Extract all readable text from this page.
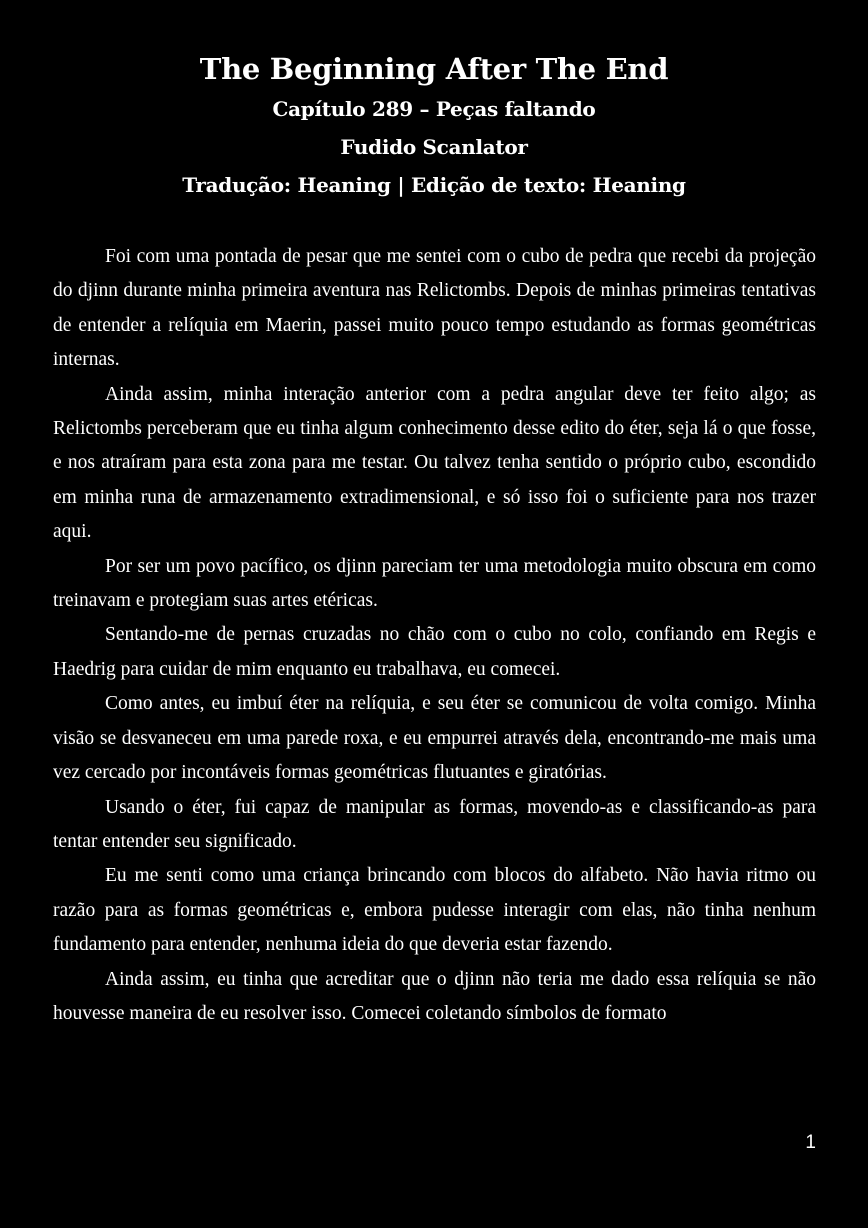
The Beginning After The End
Capítulo 289 – Peças faltando
Fudido Scanlator
Tradução: Heaning | Edição de texto: Heaning

Foi com uma pontada de pesar que me sentei com o cubo de pedra que recebi da projeção do djinn durante minha primeira aventura nas Relictombs. Depois de minhas primeiras tentativas de entender a relíquia em Maerin, passei muito pouco tempo estudando as formas geométricas internas.

Ainda assim, minha interação anterior com a pedra angular deve ter feito algo; as Relictombs perceberam que eu tinha algum conhecimento desse edito do éter, seja lá o que fosse, e nos atraíram para esta zona para me testar. Ou talvez tenha sentido o próprio cubo, escondido em minha runa de armazenamento extradimensional, e só isso foi o suficiente para nos trazer aqui.

Por ser um povo pacífico, os djinn pareciam ter uma metodologia muito obscura em como treinavam e protegiam suas artes etéricas.

Sentando-me de pernas cruzadas no chão com o cubo no colo, confiando em Regis e Haedrig para cuidar de mim enquanto eu trabalhava, eu comecei.

Como antes, eu imbuí éter na relíquia, e seu éter se comunicou de volta comigo. Minha visão se desvaneceu em uma parede roxa, e eu empurrei através dela, encontrando-me mais uma vez cercado por incontáveis formas geométricas flutuantes e giratórias.

Usando o éter, fui capaz de manipular as formas, movendo-as e classificando-as para tentar entender seu significado.

Eu me senti como uma criança brincando com blocos do alfabeto. Não havia ritmo ou razão para as formas geométricas e, embora pudesse interagir com elas, não tinha nenhum fundamento para entender, nenhuma ideia do que deveria estar fazendo.

Ainda assim, eu tinha que acreditar que o djinn não teria me dado essa relíquia se não houvesse maneira de eu resolver isso. Comecei coletando símbolos de formato

1
